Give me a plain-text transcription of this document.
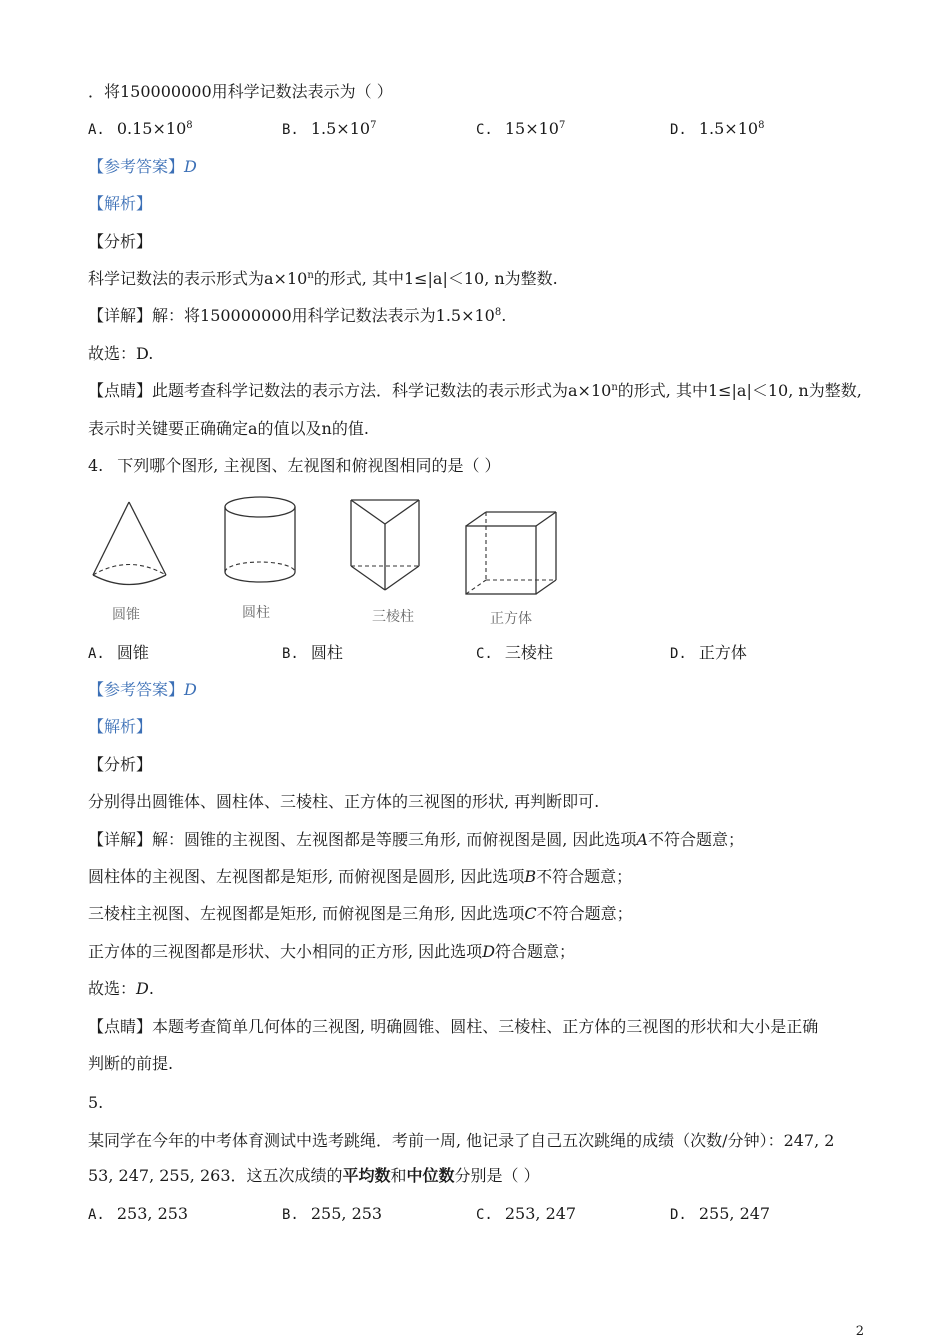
．将150000000用科学记数法表示为（ ）
A. $0.15\times 10^8$	B. $1.5\times 10^7$	C. $15\times 10^7$	D. $1.5\times 10^8$
【参考答案】D
【解析】
【分析】
科学记数法的表示形式为$a\times 10^n$的形式, 其中1≤|a|＜10, n为整数.
【详解】解：将150000000用科学记数法表示为$1.5\times 10^8$.
故选：D.
【点睛】此题考查科学记数法的表示方法．科学记数法的表示形式为$a\times 10^n$的形式, 其中1≤|a|＜10, n为整数,
表示时关键要正确确定a的值以及n的值.
4. 下列哪个图形, 主视图、左视图和俯视图相同的是（ ）
圆锥	圆柱	三棱柱	正方体
A. 圆锥	B. 圆柱	C. 三棱柱	D. 正方体
【参考答案】D
【解析】
【分析】
分别得出圆锥体、圆柱体、三棱柱、正方体的三视图的形状, 再判断即可.
【详解】解：圆锥的主视图、左视图都是等腰三角形, 而俯视图是圆, 因此选项A不符合题意；
圆柱体的主视图、左视图都是矩形, 而俯视图是圆形, 因此选项B不符合题意；
三棱柱主视图、左视图都是矩形, 而俯视图是三角形, 因此选项C不符合题意；
正方体的三视图都是形状、大小相同的正方形, 因此选项D符合题意；
故选：D.
【点睛】本题考查简单几何体的三视图, 明确圆锥、圆柱、三棱柱、正方体的三视图的形状和大小是正确
判断的前提.
5.
某同学在今年的中考体育测试中选考跳绳．考前一周, 他记录了自己五次跳绳的成绩（次数/分钟）：247, 2
53, 247, 255, 263．这五次成绩的平均数和中位数分别是（ ）
A. 253, 253	B. 255, 253	C. 253, 247	D. 255, 247
2
